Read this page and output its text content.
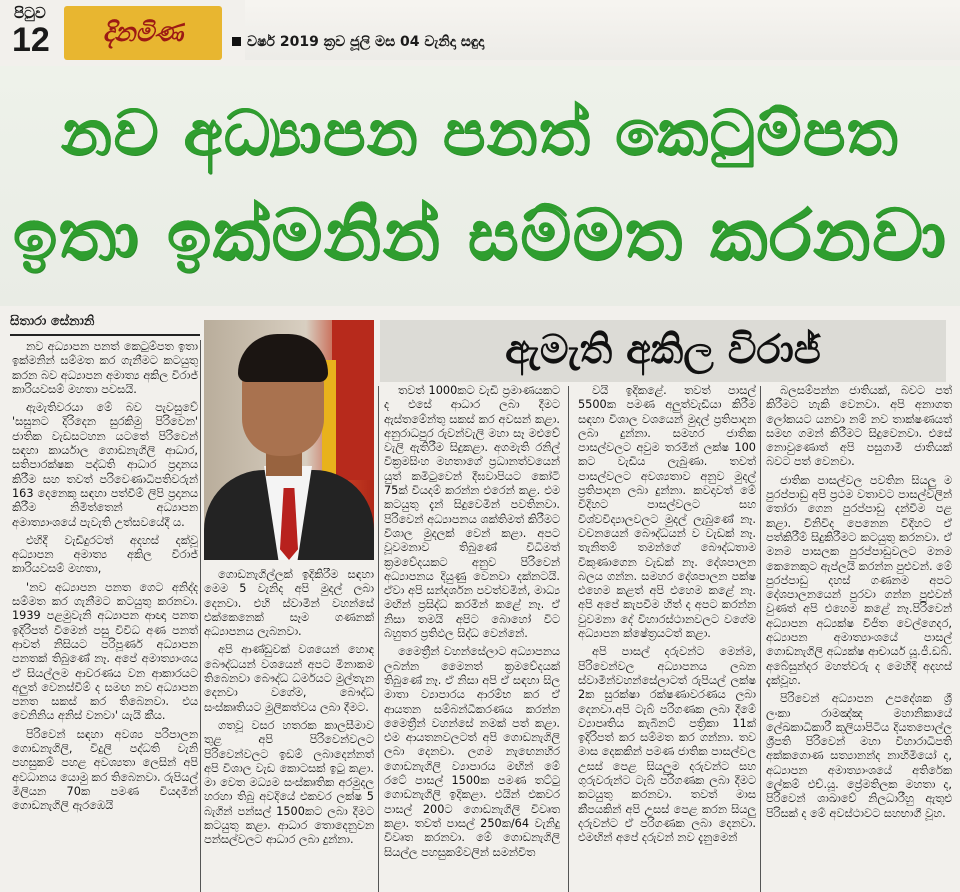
පිටුව
12 දිනමිණ	වර්ෂ 2019 ක්‍රව ජූලි මස 04 වැනිදා සඳුදා
නව අධ්‍යාපන පනත් කෙටුම්පත
ඉතා ඉක්මනින් සම්මත කරනවා
සිතාරා සේනානි
ඇමැති අකිල විරාජ්

නව අධ්‍යාපන පනත් කෙටුම්පත ඉතා ඉක්මනින් සම්මත කර ගැනීමට කටයුතු කරන බව අධ්‍යාපන අමාත්‍ය අකිල විරාජ් කාරියවසම් මහතා පවසයි.

ඇමැතිවරයා මේ බව පැවසුවේ 'සසුනට දිරිදෙන සුරකිමු පිරිවෙන' ජාතික වැඩසටහන යටතේ පිරිවෙන් සඳහා කාර්යාල ගොඩනැගිලි ආධාර, සතිපාරක්ෂක පද්ධති ආධාර ප්‍රදානය කිරීම සහ තවත් පරිවෙණාධිපතිවරුන් 163 දෙනෙකු සඳහා පත්වීම් ලිපි ප්‍රදානය කිරීම නිමිත්තෙන් අධ්‍යාපන අමාත්‍යාංශයේ පැවැති උත්සවයේදී ය.

එහිදී වැඩිදුරටත් අදහස් දක්වූ අධ්‍යාපන අමාත්‍ය අකිල විරාජ් කාරියවසම් මහතා,

'නව අධ්‍යාපන පනත ගෙට අනිද්ද සම්මත කර ගැනීමට කටයුතු කරනවා. 1939 පළමුවැනි අධ්‍යාපන ආඥා පනත ඉදිරිපත් වීමෙන් පසු විවිධ අණ පනත් ආවත් නිසියට පරිපූර්ණ අධ්‍යාපන පනතක් තිබුණේ නෑ. අපේ අමාත්‍යාංශය ඒ සියල්ලම ආවරණය වන ආකාරයට අලුත් වෙනස්වීම් ද සමඟ නව අධ්‍යාපන පනත සකස් කර තිබෙනවා. එය වෙනිනිය අනිස් වනවා' යැයි කීය.

පිරිවෙන් සඳහා අවශ්‍ය පරිපාලන ගොඩනැගිලි, විදුලි පද්ධති වැනි පහසුකම් පහළ අවශ්‍යතා ලෙසින් අපි අවධානය යොමු කර තිබෙනවා. රුපියල් මිලියන 70ක පමණ වියදමින් ගොඩනැගිලි ඇරඹෙයි

ගොඩනැගිල්ලක් ඉදිකිරීම සඳහා මෙම 5 වැනිද අපි මුදල් ලබා දෙනවා. එහි ස්වාමීන් වහන්සේ එක්කෙනෙක් සෑම ගණනක් අධ්‍යාපනය ලැබනවා.

අපි ආණ්ඩුවක් වශයෙන් හොඳ බෞද්ධයන් වශයෙන් අපට මිනාකම තිබෙනවා බෞද්ධ ධර්මයට මුල්තැන දෙනවා වගේම, බෞද්ධ සංස්කෘතියට මුලිකත්වය ලබා දීමට.

ගතවූ වසර හතරක කාලසීමාව තුළ අපි පිරිවෙන්වලට පිරිවෙන්වලට ඉඩම් ලබාදෙන්නත් අපි විශාල වැඩ කොටසක් ඉටු කළා. මා වෙත මධ්‍යම සංස්කෘතික අරමුදල හරහා තිබු අවදියේ එකවර ලක්ෂ 5 බැගින් පන්සල් 1500කට ලබා දීමට කටයුතු කළා. ආධාර තොදෙනුවන පන්සල්වලට ආධාර ලබා දුන්නා.

තවත් 1000කට වැඩි ප්‍රමාණයකට ද එසේ ආධාර ලබා දීමට ඇස්තමේන්තු සකස් කර අවසන් කළා. අනුරාධපුර රුවන්වැලි මහා සෑ මළුවේ වැලි ඇතිරීම සිදුකළා. අගමැති රනිල් වික්‍රමසිංහ මහතාගේ ප්‍රධානත්වයෙන් යුත් කමිටුවෙන් දීඝවාපියට කෝටි 75ක් වියදම් කරන්න එරෙන් කළ. එම කටයුතු දැන් සිදුවෙමින් පවතිනවා. පිරිවෙන් අධ්‍යාපනය ශක්තිමත් කිරීමට විශාල මුදලක් වෙන් කළා. අපට වූවමනාව තිබුණේ විධිමත් ක්‍රමවේදයකට අනුව පිරිවෙන් අධ්‍යාපනය දියුණු වෙනවා දක්නටයි. ඒවා අපි සන්දර්ශන පවත්වමින්, මාධ්‍ය මඟින් ප්‍රසිද්ධ කරමින් කළේ නෑ. ඒ නිසා තමයි අපිට බොහෝ විට බහුතර ප්‍රතිඵල සිද්ධ වෙන්නේ.

මෛත්‍රීන් වහන්සේලාට අධ්‍යාපනය ලබන්න මෛනත් ක්‍රමවේදයක් තිබුණේ නෑ. ඒ නිසා අපි ඒ සඳහා සිල මාතා ව්‍යාපාරය ආරම්භ කර ඒ ආයතන සම්බන්ධීකරණය කරන්න මෛත්‍රීන් වහන්සේ නමක් පත් කළා. එම ආයතනවලටත් අපි ගොඩනැගිලි ලබා දෙනවා. ලගම නැඟෙනහිර ගොඩනැගිලි ව්‍යාපාරය මඟින් මේ රටේ පාසල් 1500ක පමණ තට්ටු ගොඩනැගිලි ඉදිකළා. එයින් එකවර පාසල් 200ට ගොඩනැගිලි විවෘත කළා. තවත් පාසල් 250ක/64 වැනිදු විවෘත කරනවා. මේ ගොඩනැගිලි සියල්ල පහසුකම්වලින් සමන්විත

වයි ඉදිකළේ. තවත් පාසල් 5500ක පමණ අලුත්වැඩියා කිරීම සඳහා විශාල වශයෙන් මුදල් ප්‍රතිපාදන ලබා දුන්නා. සමහර ජාතික පාසල්වලට අවුම තරමින් ලක්ෂ 100 කට වැඩිය ලැබුණා. තවත් පාසල්වලට අවශ්‍යතාව අනුව මුදල් ප්‍රතිපාදන ලබා දුන්නා. කවදාවත් මේ විදිහට පාසල්වලට සහ විශ්වවිද්‍යාලවලට මුදල් ලැබුණේ නෑ. වචනයෙන් බෞද්ධයන් ව වැඩක් නෑ. තැනිතම් තමන්ගේ බෞද්ධතාම විකුණාගෙන වැඩක් නෑ. දේශපාලන බලය ගන්න. සමහර දේශපාලන පක්ෂ එහෙම කළත් අපි එහෙම කළේ නෑ. අපි අපේ කැපවීම හිත් ද අපට කරන්න වුවමනා දේ විහාරස්ථානවලට වගේම අධ්‍යාපන ක්ෂේත්‍රයටත් කළා.

අපි පාසල් දරුවන්ට මෙන්ම, පිරිවෙන්වල අධ්‍යාපනය ලබන ස්වාමීන්වහන්සේලාටත් රුපියල් ලක්ෂ 2ක සුරක්ෂා රක්ෂණාවරණය ලබා දෙනවා.අපි ටැබ් පරිගණක ලබා දීමේ ව්‍යාපෘතිය කැබිනට් පත්‍රිකා 11ක් ඉදිරිපත් කර සම්මත කර ගන්නා. තව මාස දෙකකින් පමණ ජාතික පාසල්වල උසස් පෙළ සියලුම දරුවන්ට සහ ගුරුවරුන්ට ටැබ් පරිගණක ලබා දීමට කටයුතු කරනවා. තවත් මාස කීපයකින් අපි උසස් පෙළ කරන සියලු දරුවන්ට ඒ පරිගණක ලබා දෙනවා. එමඟින් අපේ දරුවන් නව දැනුමෙන්

බලසම්පන්න ජාතියක්, බවට පත් කිරීමට හැකි වෙනවා. අපි අනාගත ලෝකයට යනවා නම් නව තාක්ෂණයත් සමඟ ගමන් කිරීමට සිදුවෙනවා. එසේ නොවුණොත් අපි පසුගාමී ජාතියක් බවට පත් වෙනවා.

ජාතික පාසල්වල පවතින සියලු ම පුරප්පාඩු අපි ප්‍රථම වතාවට පාසල්වලින් තෝරා ගෙන පුරප්පාඩු දන්වීම පළ කළා. විනිවිද පෙනෙන විදිහට ඒ පත්කිරීම් සිදුකිරීමට කටයුතු කරනවා. ඒ මනම පාසලක පුරප්පාඩුවලට මනම කෙනෙකුට ඇප්ලයි කරන්න පුළුවන්. මේ පුරප්පාඩු දහස් ගණනම අපට දේශපාලනයෙන් පුරවා ගන්න පුළුවන් වුණත් අපි එහෙම කළේ නෑ.පිරිවෙන් අධ්‍යාපන අධ්‍යක්ෂ විජිත වෙල්ගෙදර, අධ්‍යාපන අමාත්‍යාංශයේ පාසල් ගොඩනැගිලි අධ්‍යක්ෂ ආචාර්ය යූ.ජී.ඩබ්. අබේසුන්දර මහත්වරු ද මෙහිදී අදහස් දැක්වූහ.

පිරිවෙන් අධ්‍යාපන උපදේශක ශ්‍රී ලංකා රාමඤ්ඤ මහානිකායේ ලේඛකාධිකාරී කුලියාපිටිය දියතපොල්ල ශ්‍රීපති පිරිවෙන් මහා විහාරාධිපති අක්කගොණ සත්‍යානන්ද නාහිමියෝ ද, අධ්‍යාපන අමාත්‍යාංශයේ අතිරේක ලේකම් එච්.යූ. ප්‍රේමතිලක මහතා ද, පිරිවෙන් ශාඛාවේ නිලධාරීහු ඇතුළු පිරිසක් ද මේ අවස්ථාවට සහභාගී වූහ.
